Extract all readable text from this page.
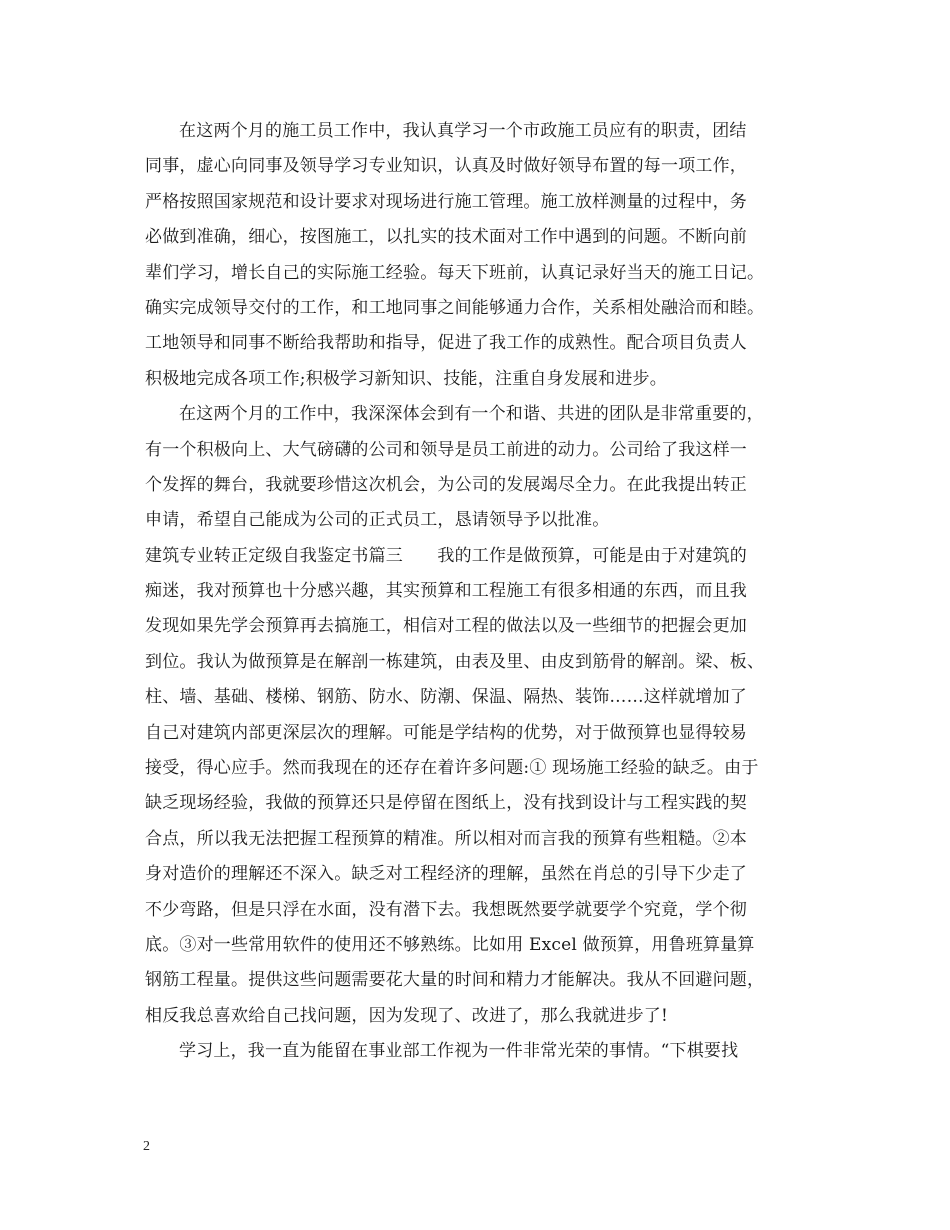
在这两个月的施工员工作中，我认真学习一个市政施工员应有的职责，团结
同事，虚心向同事及领导学习专业知识，认真及时做好领导布置的每一项工作，
严格按照国家规范和设计要求对现场进行施工管理。施工放样测量的过程中，务
必做到准确，细心，按图施工，以扎实的技术面对工作中遇到的问题。不断向前
辈们学习，增长自己的实际施工经验。每天下班前，认真记录好当天的施工日记。
确实完成领导交付的工作，和工地同事之间能够通力合作，关系相处融洽而和睦。
工地领导和同事不断给我帮助和指导，促进了我工作的成熟性。配合项目负责人
积极地完成各项工作;积极学习新知识、技能，注重自身发展和进步。
在这两个月的工作中，我深深体会到有一个和谐、共进的团队是非常重要的，
有一个积极向上、大气磅礴的公司和领导是员工前进的动力。公司给了我这样一
个发挥的舞台，我就要珍惜这次机会，为公司的发展竭尽全力。在此我提出转正
申请，希望自己能成为公司的正式员工，恳请领导予以批准。
建筑专业转正定级自我鉴定书篇三　　我的工作是做预算，可能是由于对建筑的
痴迷，我对预算也十分感兴趣，其实预算和工程施工有很多相通的东西，而且我
发现如果先学会预算再去搞施工，相信对工程的做法以及一些细节的把握会更加
到位。我认为做预算是在解剖一栋建筑，由表及里、由皮到筋骨的解剖。梁、板、
柱、墙、基础、楼梯、钢筋、防水、防潮、保温、隔热、装饰……这样就增加了
自己对建筑内部更深层次的理解。可能是学结构的优势，对于做预算也显得较易
接受，得心应手。然而我现在的还存在着许多问题:① 现场施工经验的缺乏。由于
缺乏现场经验，我做的预算还只是停留在图纸上，没有找到设计与工程实践的契
合点，所以我无法把握工程预算的精准。所以相对而言我的预算有些粗糙。②本
身对造价的理解还不深入。缺乏对工程经济的理解，虽然在肖总的引导下少走了
不少弯路，但是只浮在水面，没有潜下去。我想既然要学就要学个究竟，学个彻
底。③对一些常用软件的使用还不够熟练。比如用 Excel 做预算，用鲁班算量算
钢筋工程量。提供这些问题需要花大量的时间和精力才能解决。我从不回避问题，
相反我总喜欢给自己找问题，因为发现了、改进了，那么我就进步了!
学习上，我一直为能留在事业部工作视为一件非常光荣的事情。“下棋要找
2
